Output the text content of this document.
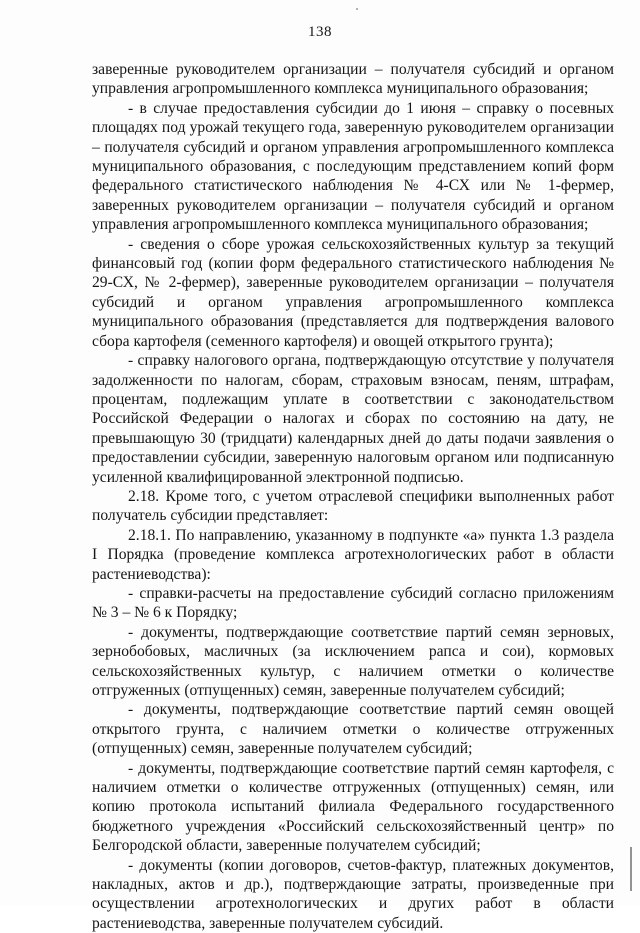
138

заверенные руководителем организации – получателя субсидий и органом управления агропромышленного комплекса муниципального образования;

- в случае предоставления субсидии до 1 июня – справку о посевных площадях под урожай текущего года, заверенную руководителем организации – получателя субсидий и органом управления агропромышленного комплекса муниципального образования, с последующим представлением копий форм федерального статистического наблюдения № 4-СХ или № 1-фермер, заверенных руководителем организации – получателя субсидий и органом управления агропромышленного комплекса муниципального образования;

- сведения о сборе урожая сельскохозяйственных культур за текущий финансовый год (копии форм федерального статистического наблюдения № 29-СХ, № 2-фермер), заверенные руководителем организации – получателя субсидий и органом управления агропромышленного комплекса муниципального образования (представляется для подтверждения валового сбора картофеля (семенного картофеля) и овощей открытого грунта);

- справку налогового органа, подтверждающую отсутствие у получателя задолженности по налогам, сборам, страховым взносам, пеням, штрафам, процентам, подлежащим уплате в соответствии с законодательством Российской Федерации о налогах и сборах по состоянию на дату, не превышающую 30 (тридцати) календарных дней до даты подачи заявления о предоставлении субсидии, заверенную налоговым органом или подписанную усиленной квалифицированной электронной подписью.

2.18. Кроме того, с учетом отраслевой специфики выполненных работ получатель субсидии представляет:

2.18.1. По направлению, указанному в подпункте «а» пункта 1.3 раздела I Порядка (проведение комплекса агротехнологических работ в области растениеводства):

- справки-расчеты на предоставление субсидий согласно приложениям № 3 – № 6 к Порядку;

- документы, подтверждающие соответствие партий семян зерновых, зернобобовых, масличных (за исключением рапса и сои), кормовых сельскохозяйственных культур, с наличием отметки о количестве отгруженных (отпущенных) семян, заверенные получателем субсидий;

- документы, подтверждающие соответствие партий семян овощей открытого грунта, с наличием отметки о количестве отгруженных (отпущенных) семян, заверенные получателем субсидий;

- документы, подтверждающие соответствие партий семян картофеля, с наличием отметки о количестве отгруженных (отпущенных) семян, или копию протокола испытаний филиала Федерального государственного бюджетного учреждения «Российский сельскохозяйственный центр» по Белгородской области, заверенные получателем субсидий;

- документы (копии договоров, счетов-фактур, платежных документов, накладных, актов и др.), подтверждающие затраты, произведенные при осуществлении агротехнологических и других работ в области растениеводства, заверенные получателем субсидий.
